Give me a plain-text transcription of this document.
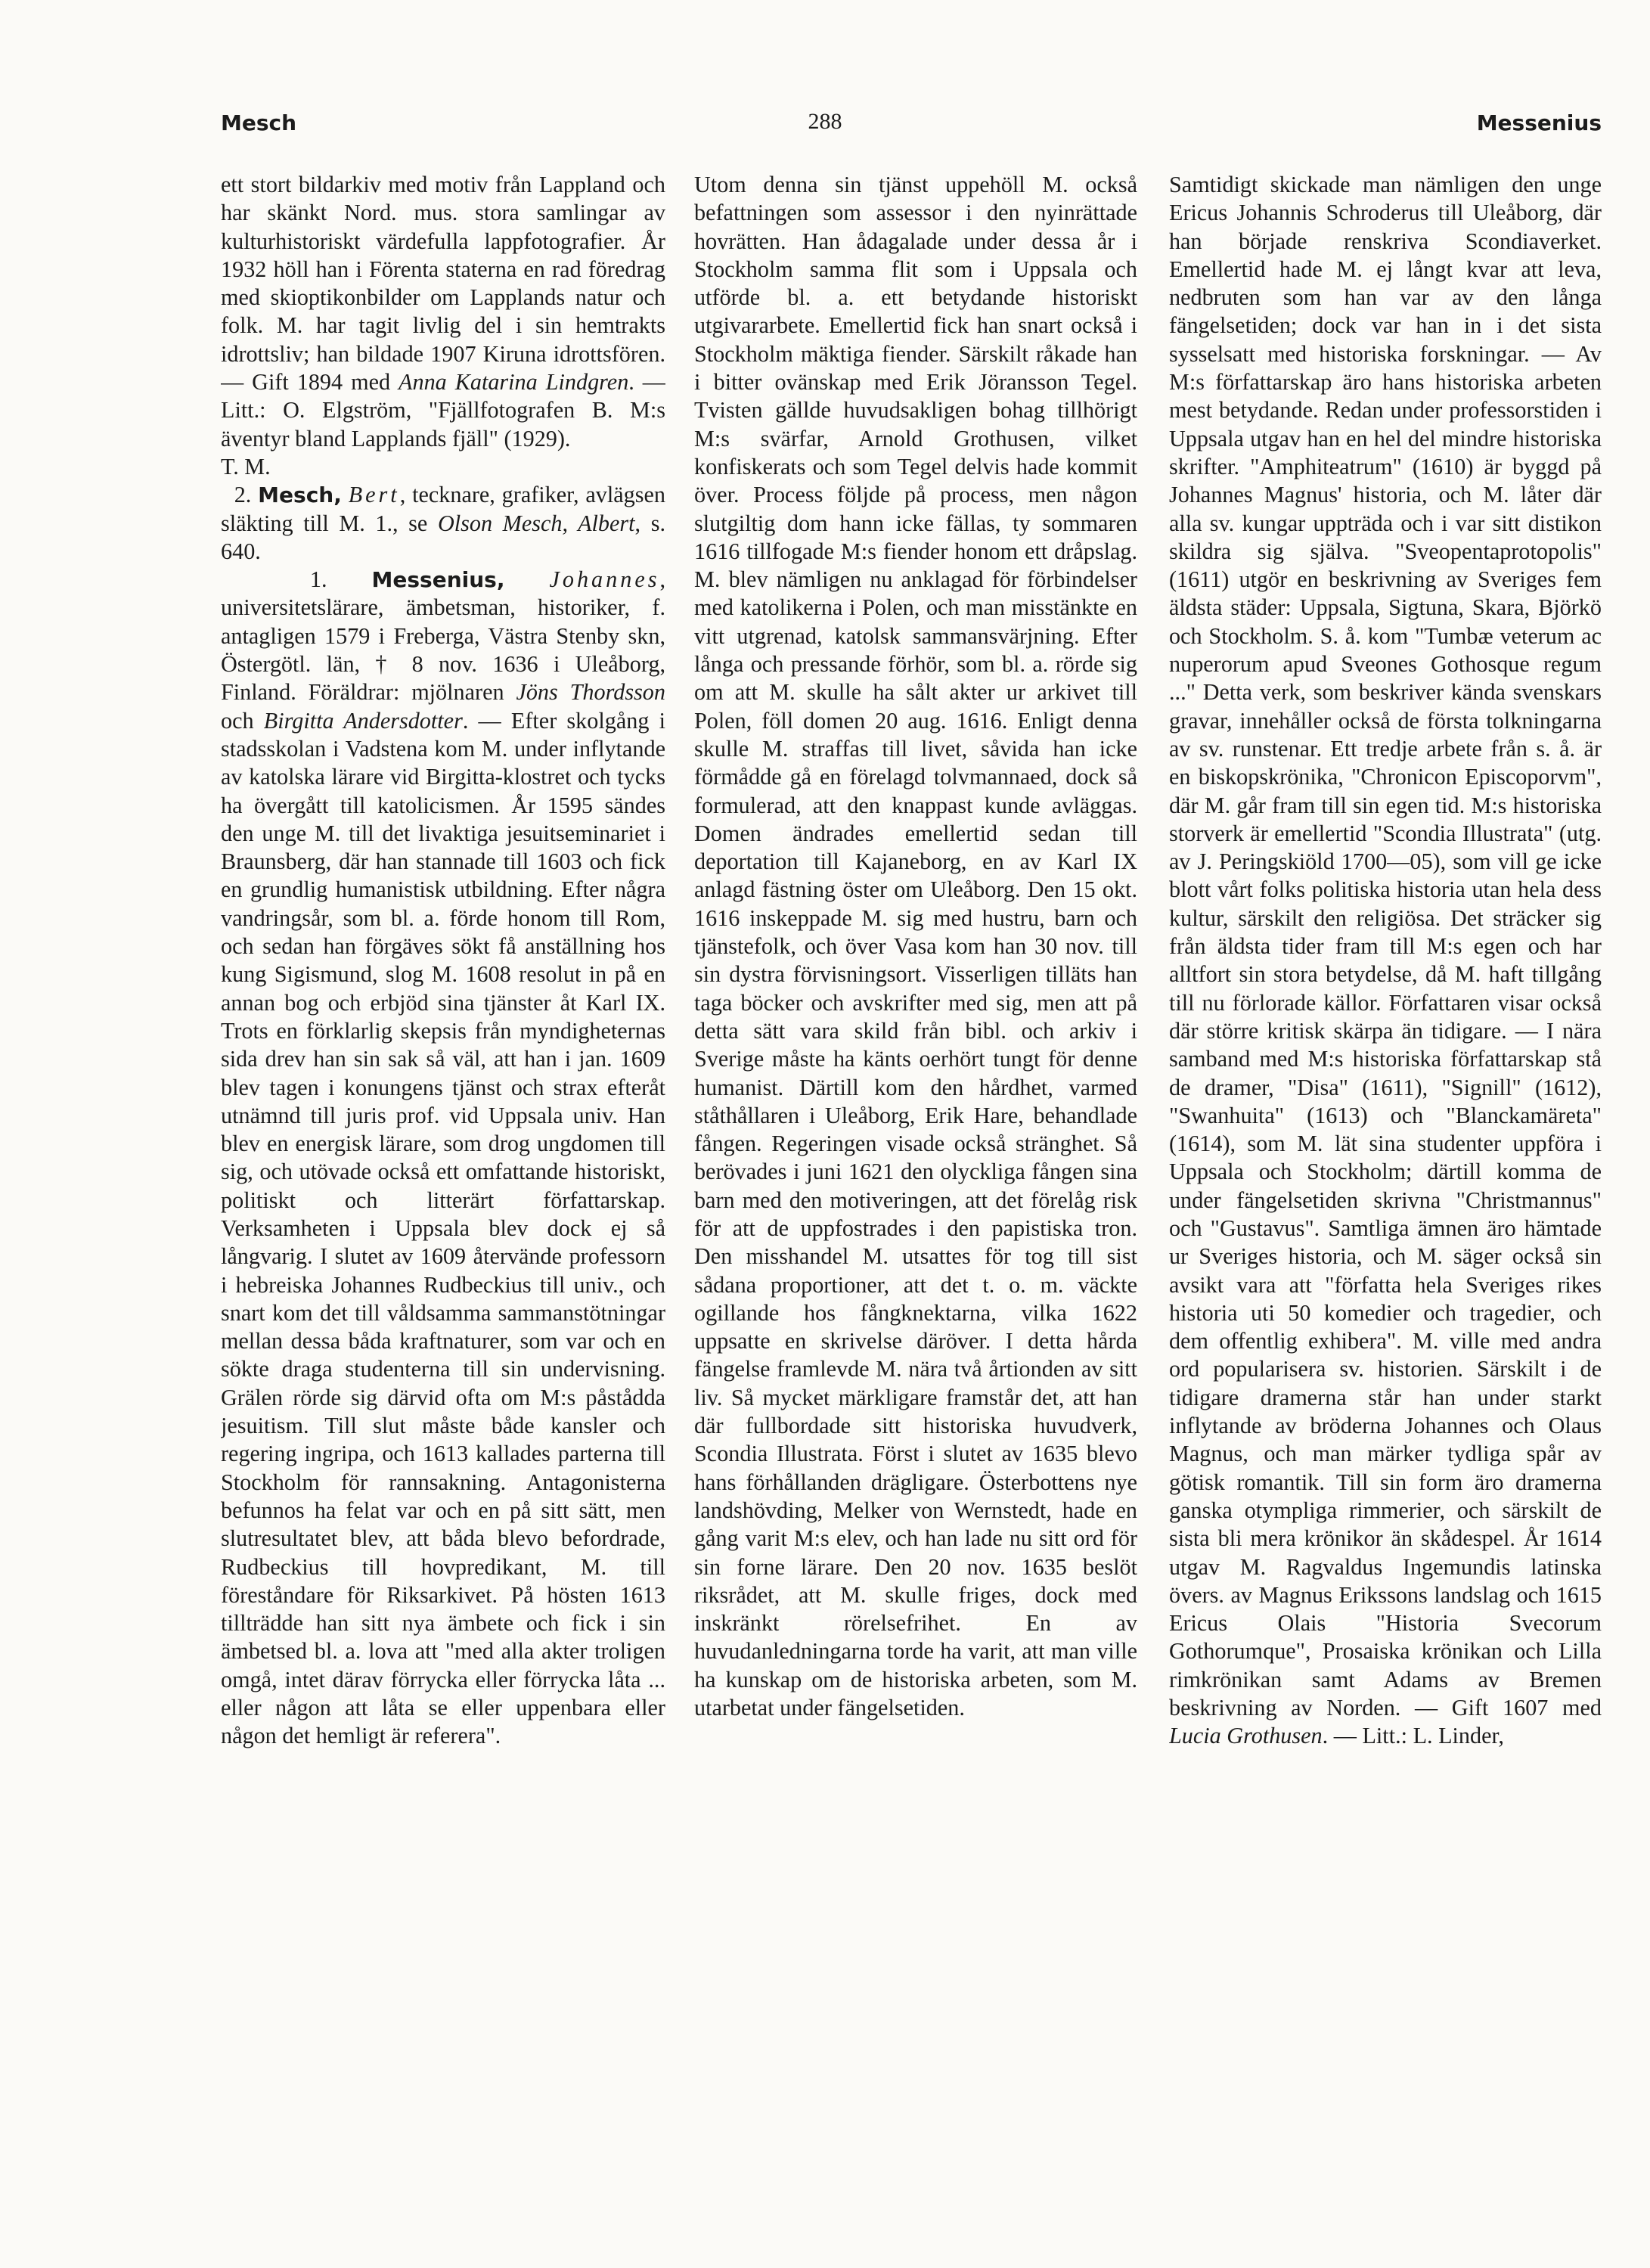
Mesch	288	Messenius

ett stort bildarkiv med motiv från Lappland och har skänkt Nord. mus. stora samlingar av kulturhistoriskt värdefulla lappfotografier. År 1932 höll han i Förenta staterna en rad föredrag med skioptikonbilder om Lapplands natur och folk. M. har tagit livlig del i sin hemtrakts idrottsliv; han bildade 1907 Kiruna idrottsfören. — Gift 1894 med Anna Katarina Lindgren. — Litt.: O. Elgström, "Fjällfotografen B. M:s äventyr bland Lapplands fjäll" (1929).

T. M.

2. Mesch, Bert, tecknare, grafiker, avlägsen släkting till M. 1., se Olson Mesch, Albert, s. 640.

1. Messenius, Johannes, universitetslärare, ämbetsman, historiker, f. antagligen 1579 i Freberga, Västra Stenby skn, Östergötl. län, † 8 nov. 1636 i Uleåborg, Finland. Föräldrar: mjölnaren Jöns Thordsson och Birgitta Andersdotter. — Efter skolgång i stadsskolan i Vadstena kom M. under inflytande av katolska lärare vid Birgitta-klostret och tycks ha övergått till katolicismen. År 1595 sändes den unge M. till det livaktiga jesuitseminariet i Braunsberg, där han stannade till 1603 och fick en grundlig humanistisk utbildning. Efter några vandringsår, som bl. a. förde honom till Rom, och sedan han förgäves sökt få anställning hos kung Sigismund, slog M. 1608 resolut in på en annan bog och erbjöd sina tjänster åt Karl IX. Trots en förklarlig skepsis från myndigheternas sida drev han sin sak så väl, att han i jan. 1609 blev tagen i konungens tjänst och strax efteråt utnämnd till juris prof. vid Uppsala univ. Han blev en energisk lärare, som drog ungdomen till sig, och utövade också ett omfattande historiskt, politiskt och litterärt författarskap. Verksamheten i Uppsala blev dock ej så långvarig. I slutet av 1609 återvände professorn i hebreiska Johannes Rudbeckius till univ., och snart kom det till våldsamma sammanstötningar mellan dessa båda kraftnaturer, som var och en sökte draga studenterna till sin undervisning. Grälen rörde sig därvid ofta om M:s påstådda jesuitism. Till slut måste både kansler och regering ingripa, och 1613 kallades parterna till Stockholm för rannsakning. Antagonisterna befunnos ha felat var och en på sitt sätt, men slutresultatet blev, att båda blevo befordrade, Rudbeckius till hovpredikant, M. till föreståndare för Riksarkivet. På hösten 1613 tillträdde han sitt nya ämbete och fick i sin ämbetsed bl. a. lova att "med alla akter troligen omgå, intet därav förrycka eller förrycka låta ... eller någon att låta se eller uppenbara eller någon det hemligt är refererа".

Utom denna sin tjänst uppehöll M. också befattningen som assessor i den nyinrättade hovrätten. Han ådagalade under dessa år i Stockholm samma flit som i Uppsala och utförde bl. a. ett betydande historiskt utgivararbete. Emellertid fick han snart också i Stockholm mäktiga fiender. Särskilt råkade han i bitter ovänskap med Erik Jöransson Tegel. Tvisten gällde huvudsakligen bohag tillhörigt M:s svärfar, Arnold Grothusen, vilket konfiskerats och som Tegel delvis hade kommit över. Process följde på process, men någon slutgiltig dom hann icke fällas, ty sommaren 1616 tillfogade M:s fiender honom ett dråpslag. M. blev nämligen nu anklagad för förbindelser med katolikerna i Polen, och man misstänkte en vitt utgrenad, katolsk sammansvärjning. Efter långa och pressande förhör, som bl. a. rörde sig om att M. skulle ha sålt akter ur arkivet till Polen, föll domen 20 aug. 1616. Enligt denna skulle M. straffas till livet, såvida han icke förmådde gå en förelagd tolvmannaed, dock så formulerad, att den knappast kunde avläggas. Domen ändrades emellertid sedan till deportation till Kajaneborg, en av Karl IX anlagd fästning öster om Uleåborg. Den 15 okt. 1616 inskeppade M. sig med hustru, barn och tjänstefolk, och över Vasa kom han 30 nov. till sin dystra förvisningsort. Visserligen tilläts han taga böcker och avskrifter med sig, men att på detta sätt vara skild från bibl. och arkiv i Sverige måste ha känts oerhört tungt för denne humanist. Därtill kom den hårdhet, varmed ståthållaren i Uleåborg, Erik Hare, behandlade fången. Regeringen visade också stränghet. Så berövades i juni 1621 den olyckliga fången sina barn med den motiveringen, att det förelåg risk för att de uppfostrades i den papistiska tron. Den misshandel M. utsattes för tog till sist sådana proportioner, att det t. o. m. väckte ogillande hos fångknektarna, vilka 1622 uppsatte en skrivelse däröver. I detta hårda fängelse framlevde M. nära två årtionden av sitt liv. Så mycket märkligare framstår det, att han där fullbordade sitt historiska huvudverk, Scondia Illustrata. Först i slutet av 1635 blevo hans förhållanden drägligare. Österbottens nye landshövding, Melker von Wernstedt, hade en gång varit M:s elev, och han lade nu sitt ord för sin forne lärare. Den 20 nov. 1635 beslöt riksrådet, att M. skulle friges, dock med inskränkt rörelsefrihet. En av huvudanledningarna torde ha varit, att man ville ha kunskap om de historiska arbeten, som M. utarbetat under fängelsetiden.

Samtidigt skickade man nämligen den unge Ericus Johannis Schroderus till Uleåborg, där han började renskriva Scondiaverket. Emellertid hade M. ej långt kvar att leva, nedbruten som han var av den långa fängelsetiden; dock var han in i det sista sysselsatt med historiska forskningar. — Av M:s författarskap äro hans historiska arbeten mest betydande. Redan under professorstiden i Uppsala utgav han en hel del mindre historiska skrifter. "Amphiteatrum" (1610) är byggd på Johannes Magnus' historia, och M. låter där alla sv. kungar uppträda och i var sitt distikon skildra sig själva. "Sveopentaprotopolis" (1611) utgör en beskrivning av Sveriges fem äldsta städer: Uppsala, Sigtuna, Skara, Björkö och Stockholm. S. å. kom "Tumbæ veterum ac nuperorum apud Sveones Gothosque regum ..." Detta verk, som beskriver kända svenskars gravar, innehåller också de första tolkningarna av sv. runstenar. Ett tredje arbete från s. å. är en biskopskrönika, "Chronicon Episcoporvm", där M. går fram till sin egen tid. M:s historiska storverk är emellertid "Scondia Illustrata" (utg. av J. Peringskiöld 1700—05), som vill ge icke blott vårt folks politiska historia utan hela dess kultur, särskilt den religiösa. Det sträcker sig från äldsta tider fram till M:s egen och har alltfort sin stora betydelse, då M. haft tillgång till nu förlorade källor. Författaren visar också där större kritisk skärpa än tidigare. — I nära samband med M:s historiska författarskap stå de dramer, "Disa" (1611), "Signill" (1612), "Swanhuita" (1613) och "Blanckamäreta" (1614), som M. lät sina studenter uppföra i Uppsala och Stockholm; därtill komma de under fängelsetiden skrivna "Christmannus" och "Gustavus". Samtliga ämnen äro hämtade ur Sveriges historia, och M. säger också sin avsikt vara att "författa hela Sveriges rikes historia uti 50 komedier och tragedier, och dem offentlig exhibera". M. ville med andra ord popularisera sv. historien. Särskilt i de tidigare dramerna står han under starkt inflytande av bröderna Johannes och Olaus Magnus, och man märker tydliga spår av götisk romantik. Till sin form äro dramerna ganska otympliga rimmerier, och särskilt de sista bli mera krönikor än skådespel. År 1614 utgav M. Ragvaldus Ingemundis latinska övers. av Magnus Erikssons landslag och 1615 Ericus Olais "Historia Svecorum Gothorumque", Prosaiska krönikan och Lilla rimkrönikan samt Adams av Bremen beskrivning av Norden. — Gift 1607 med Lucia Grothusen. — Litt.: L. Linder,
